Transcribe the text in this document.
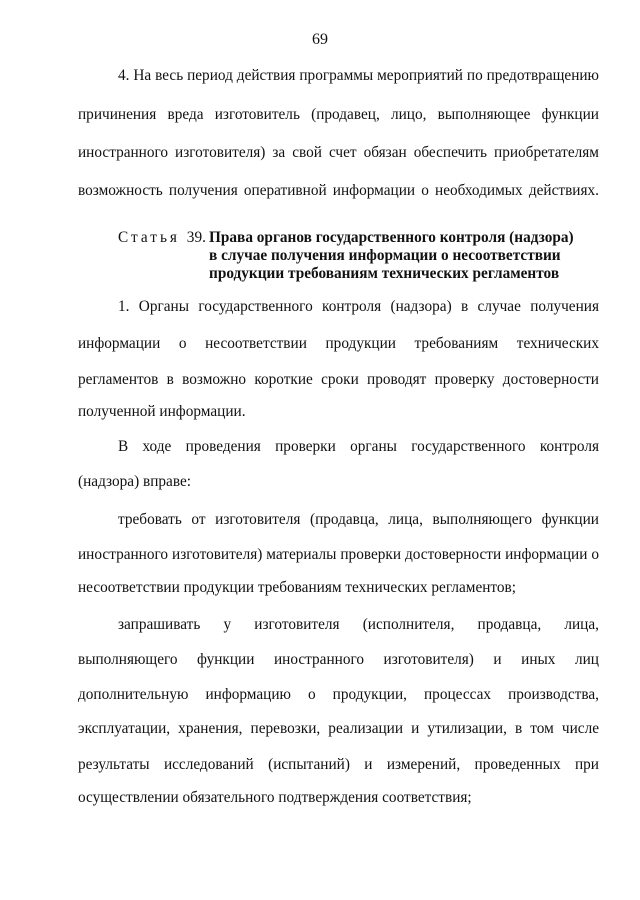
69
4. На весь период действия программы мероприятий по предотвращению
причинения вреда изготовитель (продавец, лицо, выполняющее функции
иностранного изготовителя) за свой счет обязан обеспечить приобретателям
возможность получения оперативной информации о необходимых действиях.
Статья 39. Права органов государственного контроля (надзора)
в случае получения информации о несоответствии
продукции требованиям технических регламентов
1. Органы государственного контроля (надзора) в случае получения
информации о несоответствии продукции требованиям технических
регламентов в возможно короткие сроки проводят проверку достоверности
полученной информации.
В ходе проведения проверки органы государственного контроля
(надзора) вправе:
требовать от изготовителя (продавца, лица, выполняющего функции
иностранного изготовителя) материалы проверки достоверности информации о
несоответствии продукции требованиям технических регламентов;
запрашивать у изготовителя (исполнителя, продавца, лица,
выполняющего функции иностранного изготовителя) и иных лиц
дополнительную информацию о продукции, процессах производства,
эксплуатации, хранения, перевозки, реализации и утилизации, в том числе
результаты исследований (испытаний) и измерений, проведенных при
осуществлении обязательного подтверждения соответствия;
